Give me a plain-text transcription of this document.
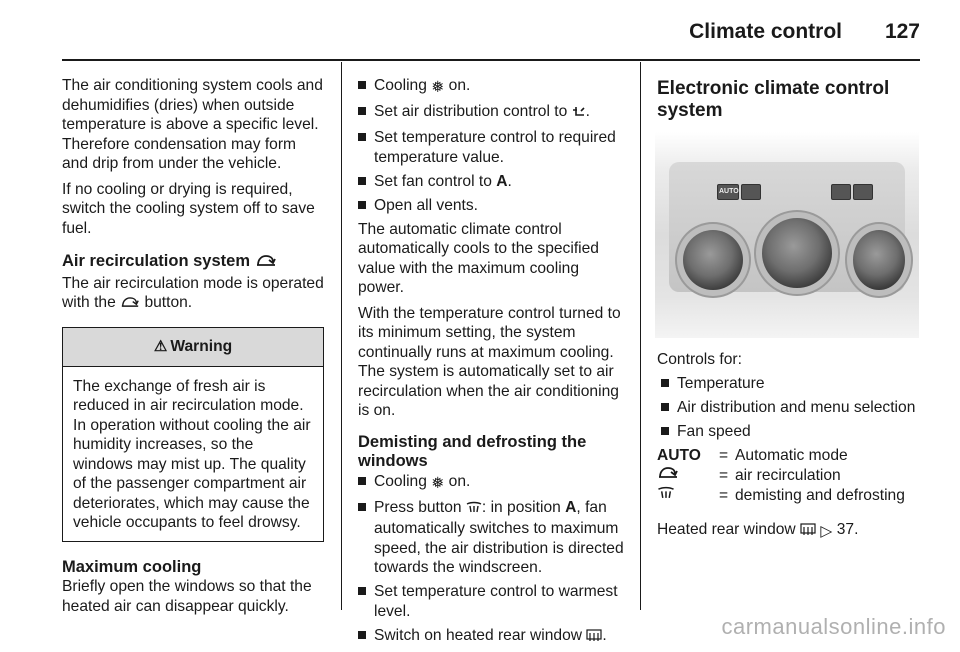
Climate control 127

The air conditioning system cools and dehumidifies (dries) when outside temperature is above a specific level. Therefore condensation may form and drip from under the vehicle.

If no cooling or drying is required, switch the cooling system off to save fuel.

Air recirculation system

The air recirculation mode is operated with the button.

⚠ Warning
The exchange of fresh air is reduced in air recirculation mode. In operation without cooling the air humidity increases, so the windows may mist up. The quality of the passenger compartment air deteriorates, which may cause the vehicle occupants to feel drowsy.
Maximum cooling

Briefly open the windows so that the heated air can disappear quickly.

Cooling ❅ on.
Set air distribution control to .
Set temperature control to required temperature value.
Set fan control to A.
Open all vents.

The automatic climate control automatically cools to the specified value with the maximum cooling power.

With the temperature control turned to its minimum setting, the system continually runs at maximum cooling. The system is automatically set to air recirculation when the air conditioning is on.

Demisting and defrosting the windows
Cooling ❅ on.
Press button : in position A, fan automatically switches to maximum speed, the air distribution is directed towards the windscreen.
Set temperature control to warmest level.
Switch on heated rear window .
Electronic climate control system
AUTO

Controls for:

Temperature
Air distribution and menu selection
Fan speed
AUTO	= Automatic mode
= air recirculation
= demisting and defrosting

Heated rear window ▷ 37.

carmanualsonline.info
